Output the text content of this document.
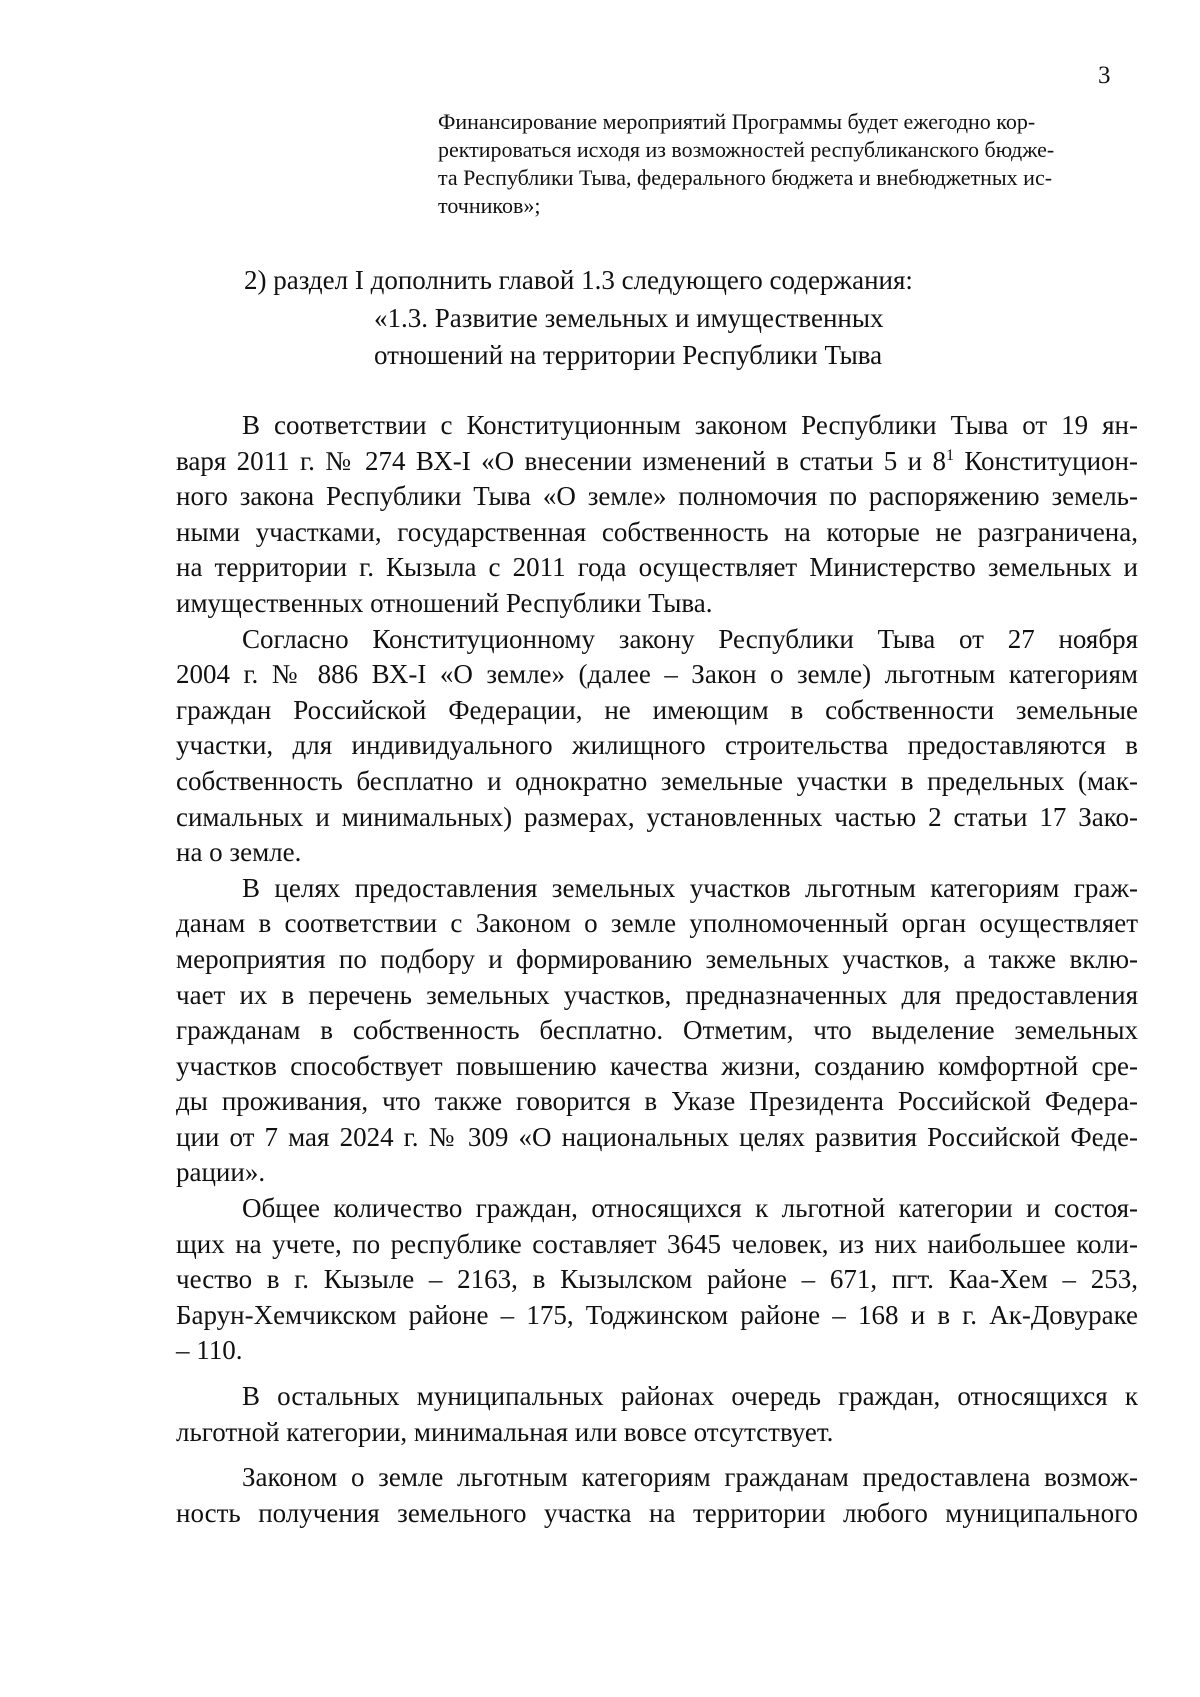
3
Финансирование мероприятий Программы будет ежегодно кор-
ректироваться исходя из возможностей республиканского бюдже-
та Республики Тыва, федерального бюджета и внебюджетных ис-
точников»;
2) раздел I дополнить главой 1.3 следующего содержания:
«1.3. Развитие земельных и имущественных
отношений на территории Республики Тыва
В соответствии с Конституционным законом Республики Тыва от 19 ян-
варя 2011 г. № 274 ВХ-I «О внесении изменений в статьи 5 и $8^1$ Конституцион-
ного закона Республики Тыва «О земле» полномочия по распоряжению земель-
ными участками, государственная собственность на которые не разграничена,
на территории г. Кызыла с 2011 года осуществляет Министерство земельных и
имущественных отношений Республики Тыва.
Согласно Конституционному закону Республики Тыва от 27 ноября
2004 г. № 886 ВХ-I «О земле» (далее – Закон о земле) льготным категориям
граждан Российской Федерации, не имеющим в собственности земельные
участки, для индивидуального жилищного строительства предоставляются в
собственность бесплатно и однократно земельные участки в предельных (мак-
симальных и минимальных) размерах, установленных частью 2 статьи 17 Зако-
на о земле.
В целях предоставления земельных участков льготным категориям граж-
данам в соответствии с Законом о земле уполномоченный орган осуществляет
мероприятия по подбору и формированию земельных участков, а также вклю-
чает их в перечень земельных участков, предназначенных для предоставления
гражданам в собственность бесплатно. Отметим, что выделение земельных
участков способствует повышению качества жизни, созданию комфортной сре-
ды проживания, что также говорится в Указе Президента Российской Федера-
ции от 7 мая 2024 г. № 309 «О национальных целях развития Российской Феде-
рации».
Общее количество граждан, относящихся к льготной категории и состоя-
щих на учете, по республике составляет 3645 человек, из них наибольшее коли-
чество в г. Кызыле – 2163, в Кызылском районе – 671, пгт. Каа-Хем – 253,
Барун-Хемчикском районе – 175, Тоджинском районе – 168 и в г. Ак-Довураке
– 110.
В остальных муниципальных районах очередь граждан, относящихся к
льготной категории, минимальная или вовсе отсутствует.
Законом о земле льготным категориям гражданам предоставлена возмож-
ность получения земельного участка на территории любого муниципального
